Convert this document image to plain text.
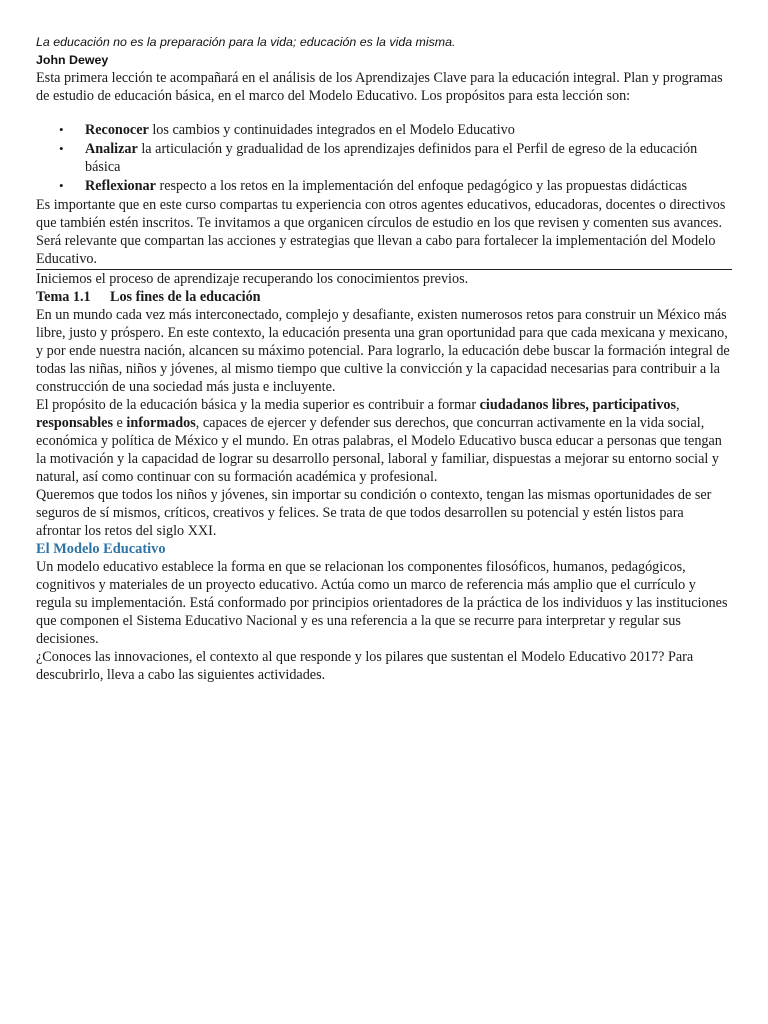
La educación no es la preparación para la vida; educación es la vida misma.

John Dewey

Esta primera lección te acompañará en el análisis de los Aprendizajes Clave para la educación integral. Plan y programas de estudio de educación básica, en el marco del Modelo Educativo. Los propósitos para esta lección son:

• Reconocer los cambios y continuidades integrados en el Modelo Educativo
• Analizar la articulación y gradualidad de los aprendizajes definidos para el Perfil de egreso de la educación básica
• Reflexionar respecto a los retos en la implementación del enfoque pedagógico y las propuestas didácticas

Es importante que en este curso compartas tu experiencia con otros agentes educativos, educadoras, docentes o directivos que también estén inscritos. Te invitamos a que organicen círculos de estudio en los que revisen y comenten sus avances. Será relevante que compartan las acciones y estrategias que llevan a cabo para fortalecer la implementación del Modelo Educativo.

Iniciemos el proceso de aprendizaje recuperando los conocimientos previos.

Tema 1.1 Los fines de la educación

En un mundo cada vez más interconectado, complejo y desafiante, existen numerosos retos para construir un México más libre, justo y próspero. En este contexto, la educación presenta una gran oportunidad para que cada mexicana y mexicano, y por ende nuestra nación, alcancen su máximo potencial. Para lograrlo, la educación debe buscar la formación integral de todas las niñas, niños y jóvenes, al mismo tiempo que cultive la convicción y la capacidad necesarias para contribuir a la construcción de una sociedad más justa e incluyente.

El propósito de la educación básica y la media superior es contribuir a formar ciudadanos libres, participativos, responsables e informados, capaces de ejercer y defender sus derechos, que concurran activamente en la vida social, económica y política de México y el mundo. En otras palabras, el Modelo Educativo busca educar a personas que tengan la motivación y la capacidad de lograr su desarrollo personal, laboral y familiar, dispuestas a mejorar su entorno social y natural, así como continuar con su formación académica y profesional.

Queremos que todos los niños y jóvenes, sin importar su condición o contexto, tengan las mismas oportunidades de ser seguros de sí mismos, críticos, creativos y felices. Se trata de que todos desarrollen su potencial y estén listos para afrontar los retos del siglo XXI.

El Modelo Educativo

Un modelo educativo establece la forma en que se relacionan los componentes filosóficos, humanos, pedagógicos, cognitivos y materiales de un proyecto educativo. Actúa como un marco de referencia más amplio que el currículo y regula su implementación. Está conformado por principios orientadores de la práctica de los individuos y las instituciones que componen el Sistema Educativo Nacional y es una referencia a la que se recurre para interpretar y regular sus decisiones.

¿Conoces las innovaciones, el contexto al que responde y los pilares que sustentan el Modelo Educativo 2017? Para descubrirlo, lleva a cabo las siguientes actividades.
